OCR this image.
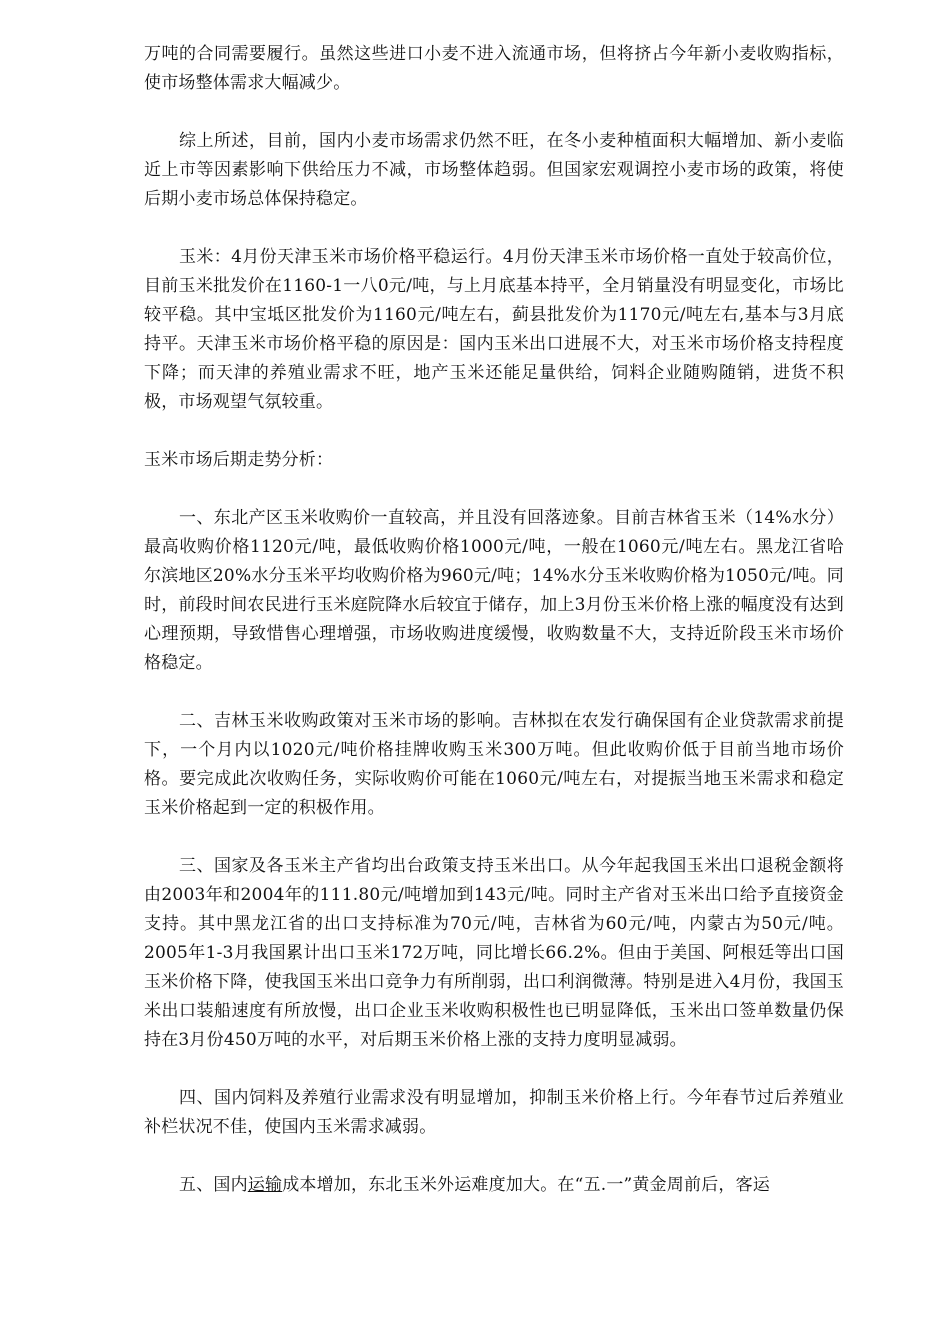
万吨的合同需要履行。虽然这些进口小麦不进入流通市场，但将挤占今年新小麦收购指标，使市场整体需求大幅减少。

综上所述，目前，国内小麦市场需求仍然不旺，在冬小麦种植面积大幅增加、新小麦临近上市等因素影响下供给压力不减，市场整体趋弱。但国家宏观调控小麦市场的政策，将使后期小麦市场总体保持稳定。

玉米：4月份天津玉米市场价格平稳运行。4月份天津玉米市场价格一直处于较高价位，目前玉米批发价在1160-1一八0元/吨，与上月底基本持平，全月销量没有明显变化，市场比较平稳。其中宝坻区批发价为1160元/吨左右，蓟县批发价为1170元/吨左右,基本与3月底持平。天津玉米市场价格平稳的原因是：国内玉米出口进展不大，对玉米市场价格支持程度下降；而天津的养殖业需求不旺，地产玉米还能足量供给，饲料企业随购随销，进货不积极，市场观望气氛较重。

玉米市场后期走势分析：

一、东北产区玉米收购价一直较高，并且没有回落迹象。目前吉林省玉米（14%水分）最高收购价格1120元/吨，最低收购价格1000元/吨，一般在1060元/吨左右。黑龙江省哈尔滨地区20%水分玉米平均收购价格为960元/吨；14%水分玉米收购价格为1050元/吨。同时，前段时间农民进行玉米庭院降水后较宜于储存，加上3月份玉米价格上涨的幅度没有达到心理预期，导致惜售心理增强，市场收购进度缓慢，收购数量不大，支持近阶段玉米市场价格稳定。

二、吉林玉米收购政策对玉米市场的影响。吉林拟在农发行确保国有企业贷款需求前提下，一个月内以1020元/吨价格挂牌收购玉米300万吨。但此收购价低于目前当地市场价格。要完成此次收购任务，实际收购价可能在1060元/吨左右，对提振当地玉米需求和稳定玉米价格起到一定的积极作用。

三、国家及各玉米主产省均出台政策支持玉米出口。从今年起我国玉米出口退税金额将由2003年和2004年的111.80元/吨增加到143元/吨。同时主产省对玉米出口给予直接资金支持。其中黑龙江省的出口支持标准为70元/吨，吉林省为60元/吨，内蒙古为50元/吨。2005年1-3月我国累计出口玉米172万吨，同比增长66.2%。但由于美国、阿根廷等出口国玉米价格下降，使我国玉米出口竞争力有所削弱，出口利润微薄。特别是进入4月份，我国玉米出口装船速度有所放慢，出口企业玉米收购积极性也已明显降低，玉米出口签单数量仍保持在3月份450万吨的水平，对后期玉米价格上涨的支持力度明显减弱。

四、国内饲料及养殖行业需求没有明显增加，抑制玉米价格上行。今年春节过后养殖业补栏状况不佳，使国内玉米需求减弱。

五、国内运输成本增加，东北玉米外运难度加大。在“五.一”黄金周前后，客运
